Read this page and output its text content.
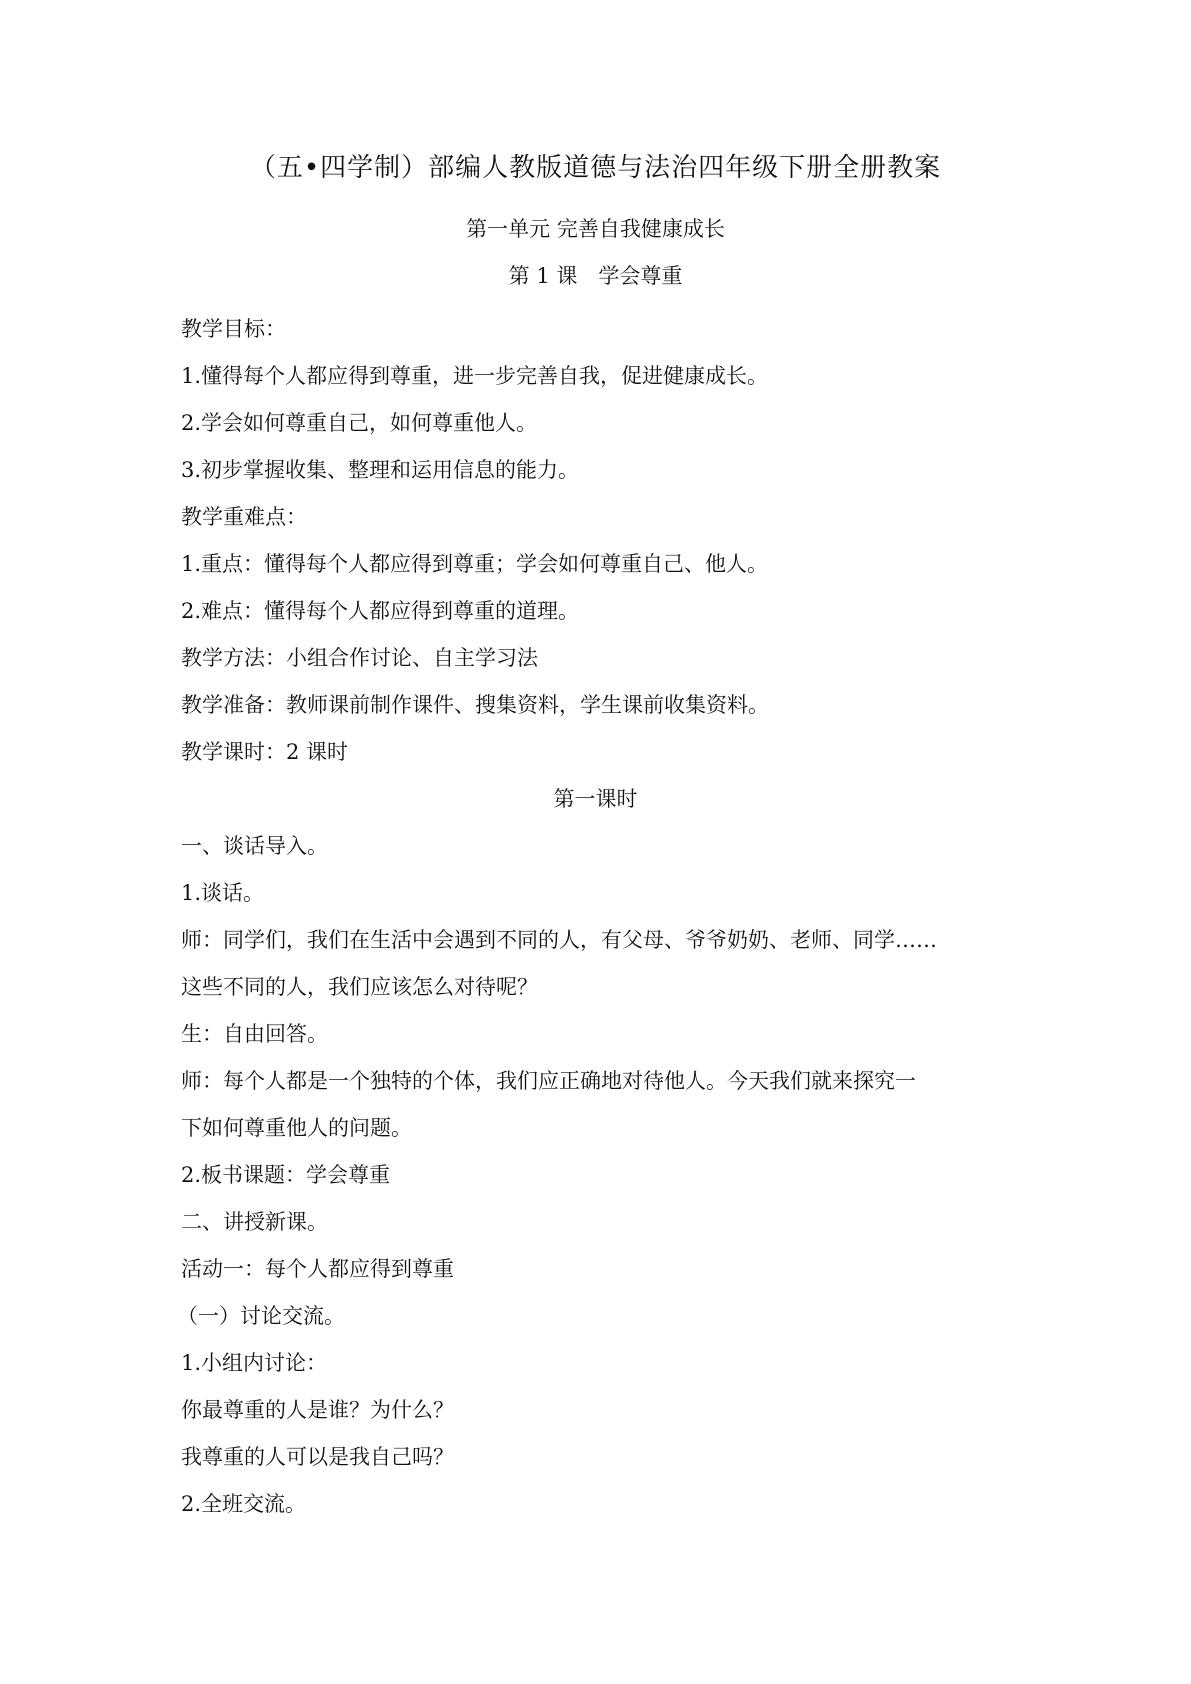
（五•四学制）部编人教版道德与法治四年级下册全册教案
第一单元 完善自我健康成长
第 1 课　学会尊重

教学目标：

1.懂得每个人都应得到尊重，进一步完善自我，促进健康成长。

2.学会如何尊重自己，如何尊重他人。

3.初步掌握收集、整理和运用信息的能力。

教学重难点：

1.重点：懂得每个人都应得到尊重；学会如何尊重自己、他人。

2.难点：懂得每个人都应得到尊重的道理。

教学方法：小组合作讨论、自主学习法

教学准备：教师课前制作课件、搜集资料，学生课前收集资料。

教学课时：2 课时

第一课时

一、谈话导入。

1.谈话。

师：同学们，我们在生活中会遇到不同的人，有父母、爷爷奶奶、老师、同学……

这些不同的人，我们应该怎么对待呢？

生：自由回答。

师：每个人都是一个独特的个体，我们应正确地对待他人。今天我们就来探究一

下如何尊重他人的问题。

2.板书课题：学会尊重

二、讲授新课。

活动一：每个人都应得到尊重

（一）讨论交流。

1.小组内讨论：

你最尊重的人是谁？为什么？

我尊重的人可以是我自己吗？

2.全班交流。
